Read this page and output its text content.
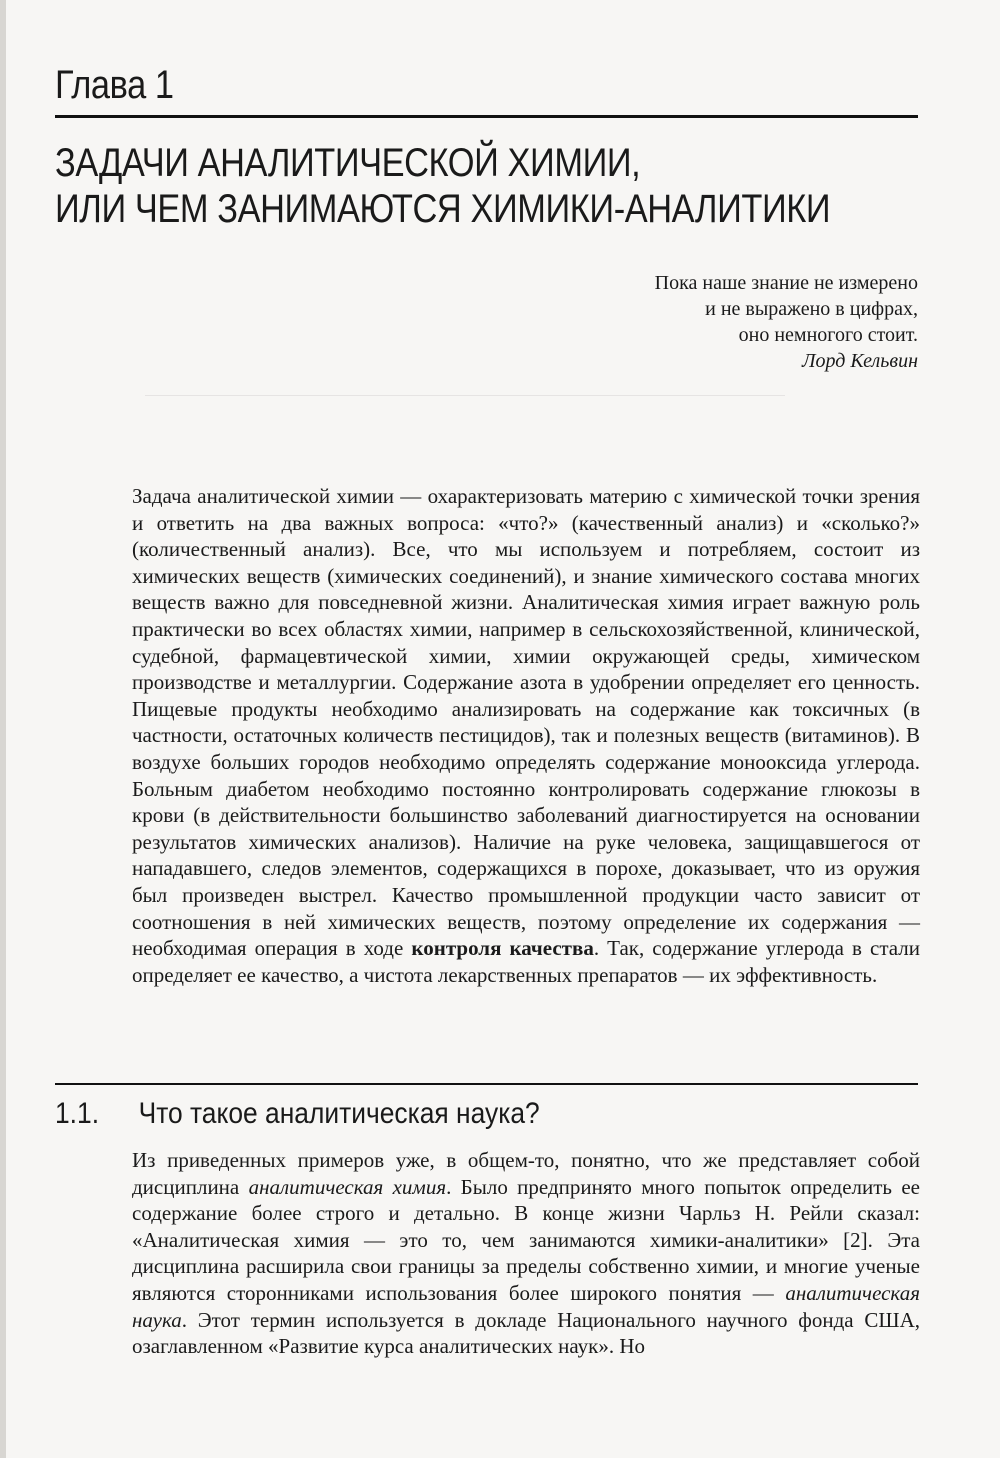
Глава 1
ЗАДАЧИ АНАЛИТИЧЕСКОЙ ХИМИИ,
ИЛИ ЧЕМ ЗАНИМАЮТСЯ ХИМИКИ-АНАЛИТИКИ
Пока наше знание не измерено
и не выражено в цифрах,
оно немногого стоит.
Лорд Кельвин
Задача аналитической химии — охарактеризовать материю с химической точки зрения и ответить на два важных вопроса: «что?» (качественный анализ) и «сколько?» (количественный анализ). Все, что мы используем и потребляем, состоит из химических веществ (химических соединений), и знание химического состава многих веществ важно для повседневной жизни. Аналитическая химия играет важную роль практически во всех областях химии, например в сельскохозяйственной, клинической, судебной, фармацевтической химии, химии окружающей среды, химическом производстве и металлургии. Содержание азота в удобрении определяет его ценность. Пищевые продукты необходимо анализировать на содержание как токсичных (в частности, остаточных количеств пестицидов), так и полезных веществ (витаминов). В воздухе больших городов необходимо определять содержание монооксида углерода. Больным диабетом необходимо постоянно контролировать содержание глюкозы в крови (в действительности большинство заболеваний диагностируется на основании результатов химических анализов). Наличие на руке человека, защищавшегося от нападавшего, следов элементов, содержащихся в порохе, доказывает, что из оружия был произведен выстрел. Качество промышленной продукции часто зависит от соотношения в ней химических веществ, поэтому определение их содержания — необходимая операция в ходе контроля качества. Так, содержание углерода в стали определяет ее качество, а чистота лекарственных препаратов — их эффективность.
1.1. Что такое аналитическая наука?
Из приведенных примеров уже, в общем-то, понятно, что же представляет собой дисциплина аналитическая химия. Было предпринято много попыток определить ее содержание более строго и детально. В конце жизни Чарльз Н. Рейли сказал: «Аналитическая химия — это то, чем занимаются химики-аналитики» [2]. Эта дисциплина расширила свои границы за пределы собственно химии, и многие ученые являются сторонниками использования более широкого понятия — аналитическая наука. Этот термин используется в докладе Национального научного фонда США, озаглавленном «Развитие курса аналитических наук». Но
